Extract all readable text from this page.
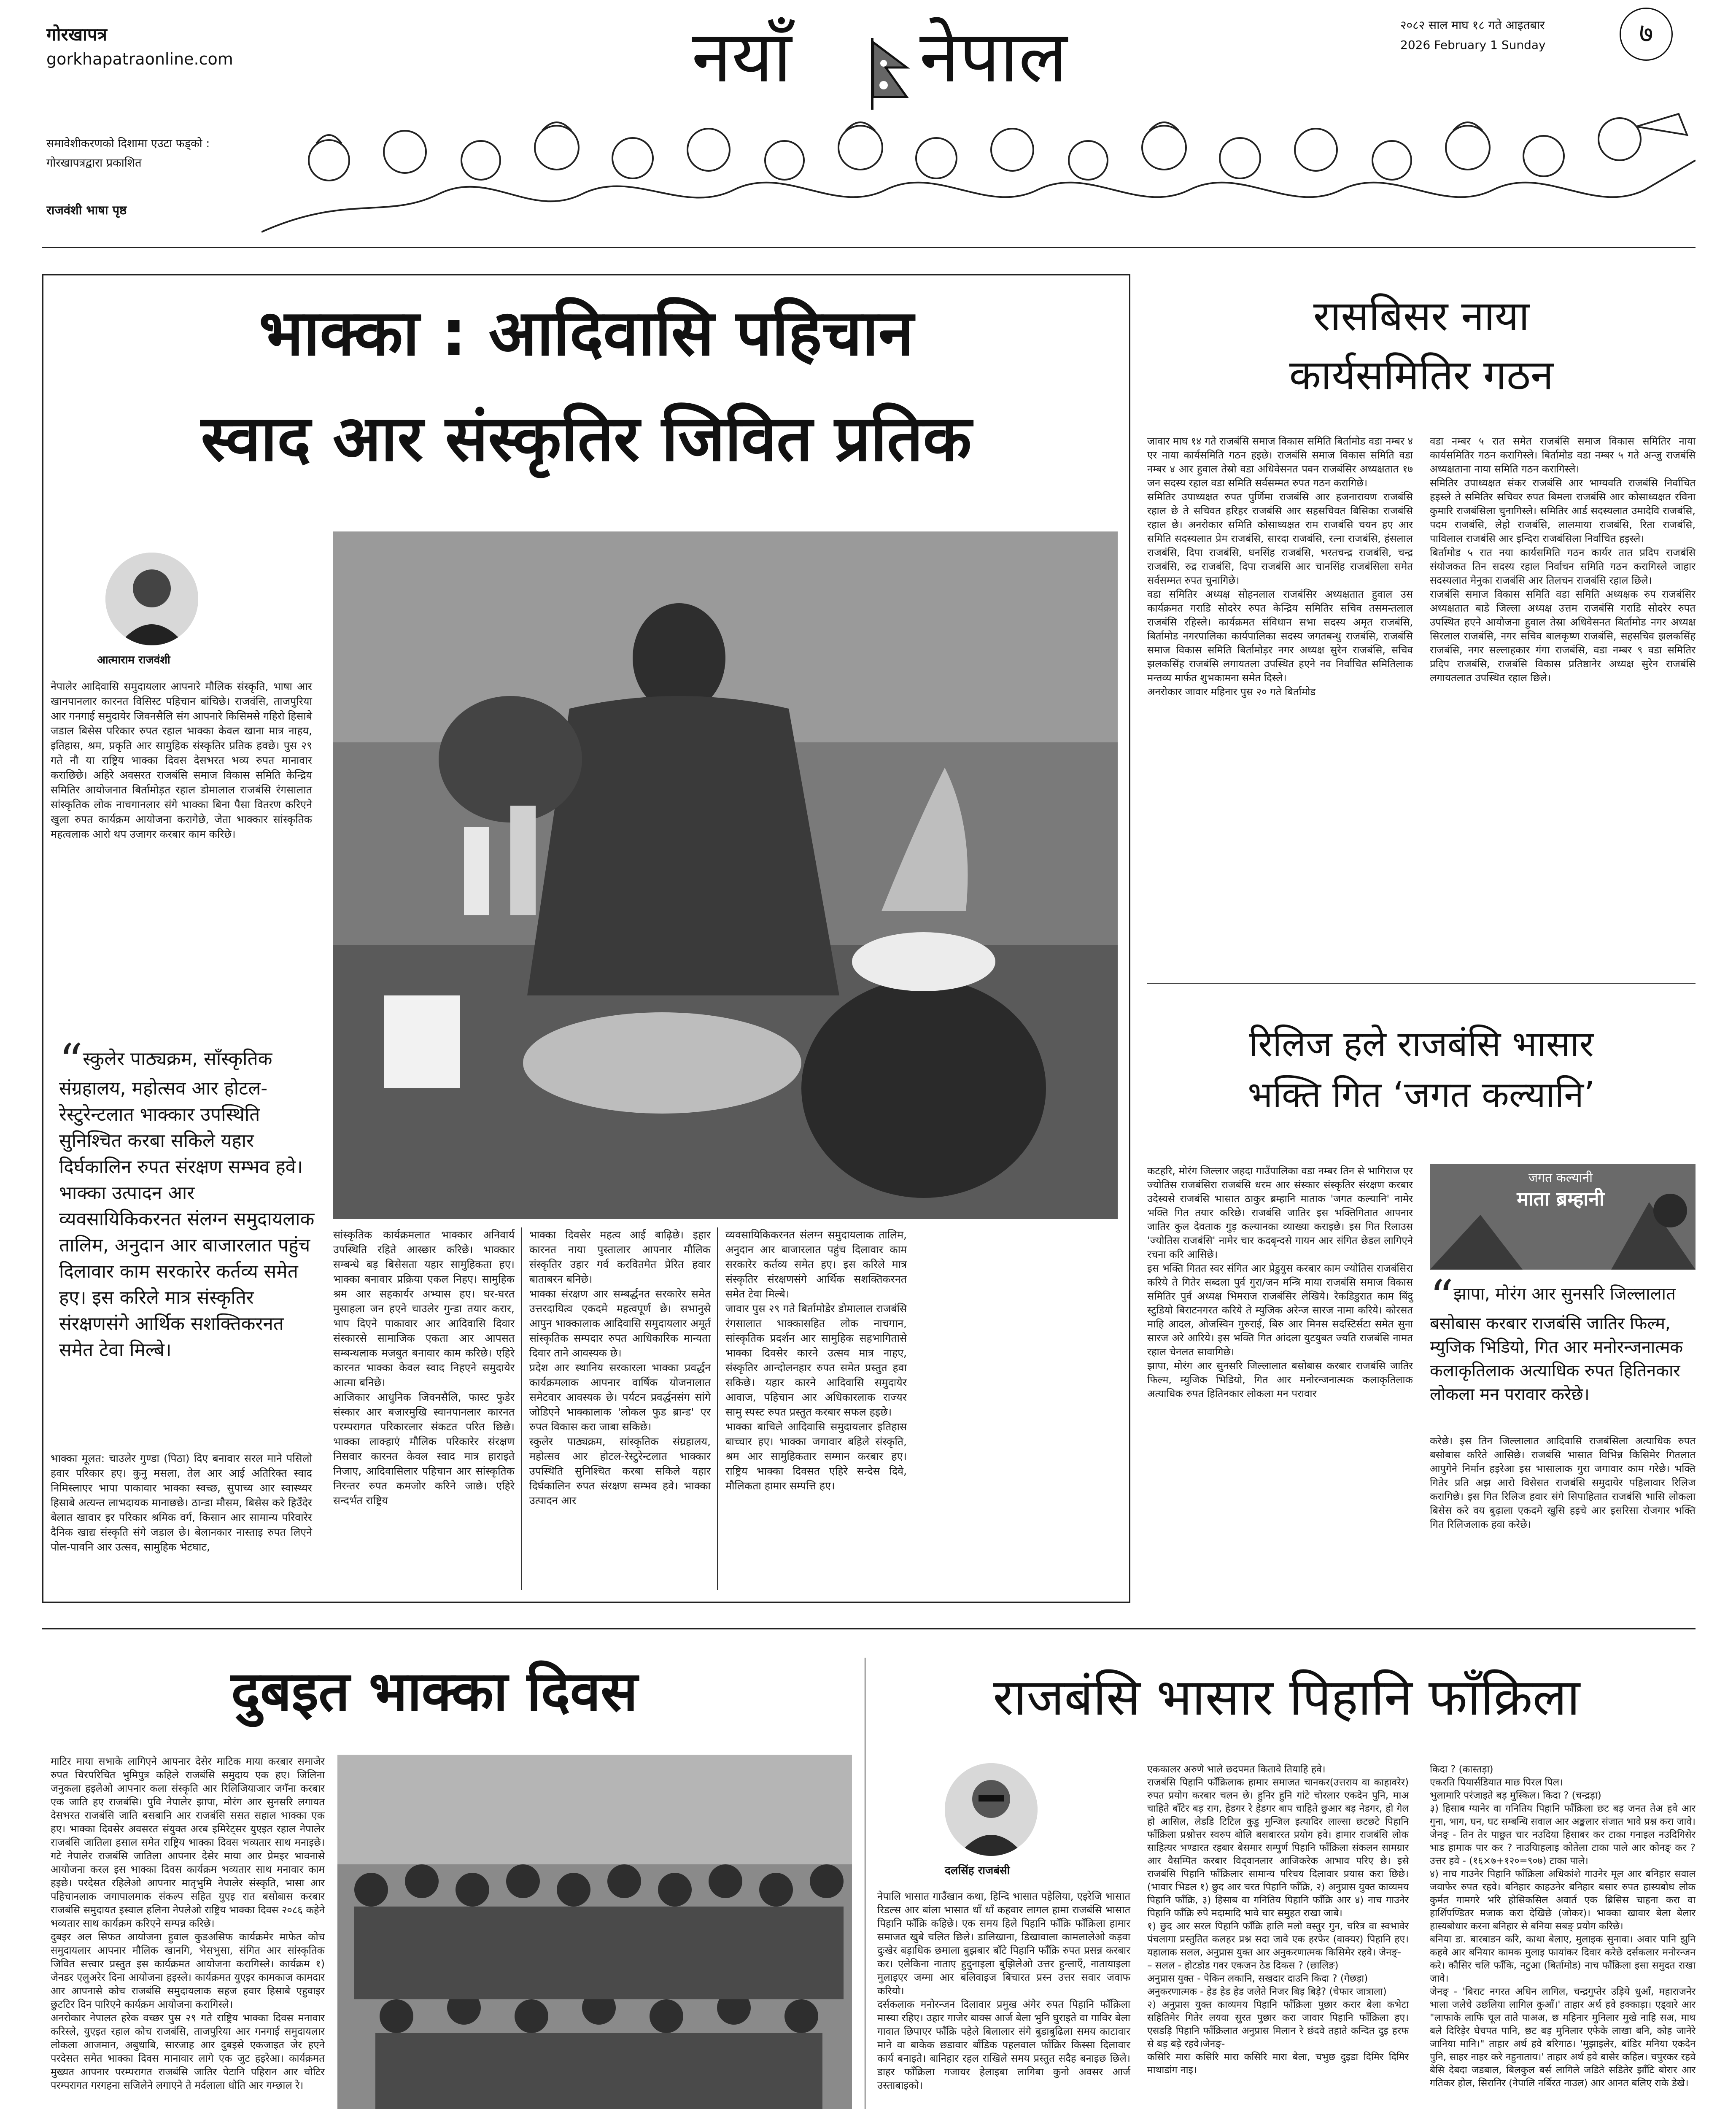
गोरखापत्र
gorkhapatraonline.com
समावेशीकरणको दिशामा एउटा फड्को : गोरखापत्रद्वारा प्रकाशित
राजवंशी भाषा पृष्ठ
नयाँ नेपाल	२०८२ साल माघ १८ गते आइतबार
2026 February 1 Sunday	७
भाक्का : आदिवासि पहिचान
स्वाद आर संस्कृतिर जिवित प्रतिक
आत्माराम राजवंशी
नेपालेर आदिवासि समुदायलार आपनारे मौलिक संस्कृति, भाषा आर खानपानलार कारनत विसिस्ट पहिचान बांचिछे। राजवंसि, ताजपुरिया आर गनगाई समुदायेर जिवनसैलि संग आपनारे किसिमसे गहिरो हिसाबे जडाल बिसेस परिकार रुपत रहाल भाक्का केवल खाना मात्र नाहय, इतिहास, श्रम, प्रकृति आर सामुहिक संस्कृतिर प्रतिक हवछे। पुस २९ गते नौ या राष्ट्रिय भाक्का दिवस देसभरत भव्य रुपत मानावार कराछिछे। अहिरे अवसरत राजबंसि समाज विकास समिति केन्द्रिय समितिर आयोजनात बिर्तामोड़त रहाल डोमालाल राजबंसि रंगसालात सांस्कृतिक लोक नाचगानलार संगे भाक्का बिना पैसा वितरण करिएने खुला रुपत कार्यक्रम आयोजना करागेछे, जेता भाक्कार सांस्कृतिक महत्वलाक आरो थप उजागर करबार काम करिछे।
“स्कुलेर पाठ्यक्रम, साँस्कृतिक संग्रहालय, महोत्सव आर होटल-रेस्टुरेन्टलात भाक्कार उपस्थिति सुनिश्चित करबा सकिले यहार दिर्घकालिन रुपत संरक्षण सम्भव हवे। भाक्का उत्पादन आर व्यवसायिकिकरनत संलग्न समुदायलाक तालिम, अनुदान आर बाजारलात पहुंच दिलावार काम सरकारेर कर्तव्य समेत हए। इस करिले मात्र संस्कृतिर संरक्षणसंगे आर्थिक सशक्तिकरनत समेत टेवा मिल्बे।
भाक्का मूलत: चाउलेर गुण्डा (पिठा) दिए बनावार सरल माने पसिलो हवार परिकार हए। कुनु मसला, तेल आर आर्ई अतिरिक्त स्वाद निमिस्लाएर भापा पाकावार भाक्का स्वच्छ, सुपाच्य आर स्वास्थ्यर हिसाबे अत्यन्त लाभदायक मानाछछे। ठान्डा मौसम, बिसेस करे हिउँदेर बेलात खावार इर परिकार श्रमिक वर्ग, किसान आर सामान्य परिवारेर दैनिक खाद्य संस्कृति संगे जडाल छे। बेलानकार नास्ताइ रुपत लिएने पोल-पावनि आर उत्सव, सामुहिक भेटघाट,
सांस्कृतिक कार्यक्रमलात भाक्कार अनिवार्य उपस्थिति रहिते आस्छार करिछे। भाक्कार सम्बन्धे बड़ बिसेसता यहार सामुहिकता हए। भाक्का बनावार प्रक्रिया एकल निहए। सामुहिक श्रम आर सहकार्यर अभ्यास हए। घर-घरत मुसाहला जन हएने चाउलेर गुन्डा तयार करार, भाप दिएने पाकावार आर आदिवासि दिवार संस्कारसे सामाजिक एकता आर आपसत सम्बन्धलाक मजबुत बनावार काम करिछे। एहिरे कारनत भाक्का केवल स्वाद निहएने समुदायेर आत्मा बनिछे।
आजिकार आधुनिक जिवनसैलि, फास्ट फुडेर संस्कार आर बजारमुखि स्वानपानलार कारनत परम्परागत परिकारलार संकटत परित छिछे। भाक्का लाक्हाएं मौलिक परिकारेर संरक्षण निसवार कारनत केवल स्वाद मात्र हाराइते निजाए, आदिवासिलार पहिचान आर सांस्कृतिक निरन्तर रुपत कमजोर करिने जाछे। एहिरे सन्दर्भत राष्ट्रिय
भाक्का दिवसेर महत्व आर्ई बाढ़िछे। इहार कारनत नाया पुस्तालार आपनार मौलिक संस्कृतिर उहार गर्व करवितमेत प्रेरित हवार बाताबरन बनिछे।
भाक्का संरक्षण आर सम्बर्द्धनत सरकारेर समेत उत्तरदायित्व एकदमे महत्वपूर्ण छे। सभानुसे आपुन भाक्कालाक आदिवासि समुदायलार अमूर्त सांस्कृतिक सम्पदार रुपत आधिकारिक मान्यता दिवार ताने आवस्यक छे।
प्रदेश आर स्थानिय सरकारला भाक्का प्रवर्द्धन कार्यक्रमलाक आपनार वार्षिक योजनालात समेटवार आवस्यक छे। पर्यटन प्रवर्द्धनसंग सांगे जोडिएने भाक्कालाक 'लोकल फुड ब्रान्ड' एर रुपत विकास करा जाबा सकिछे।
स्कुलेर पाठ्यक्रम, सांस्कृतिक संग्रहालय, महोत्सव आर होटल-रेस्टुरेन्टलात भाक्कार उपस्थिति सुनिश्चित करबा सकिले यहार दिर्घकालिन रुपत संरक्षण सम्भव हवे। भाक्का उत्पादन आर
व्यवसायिकिकरनत संलग्न समुदायलाक तालिम, अनुदान आर बाजारलात पहुंच दिलावार काम सरकारेर कर्तव्य समेत हए। इस करिले मात्र संस्कृतिर संरक्षणसंगे आर्थिक सशक्तिकरनत समेत टेवा मिल्बे।
जावार पुस २९ गते बिर्तामोडेर डोमालाल राजबंसि रंगसालात भाक्कासहित लोक नाचगान, सांस्कृतिक प्रदर्शन आर सामुहिक सहभागितासे भाक्का दिवसेर कारने उत्सव मात्र नाहए, संस्कृतिर आन्दोलनहार रुपत समेत प्रस्तुत हवा सकिछे। यहार कारने आदिवासि समुदायेर आवाज, पहिचान आर अधिकारलाक राज्यर सामु स्पस्ट रुपत प्रस्तुत करबार सफल हइछे।
भाक्का बाचिले आदिवासि समुदायलार इतिहास बाच्चार हए। भाक्का जगावार बहिले संस्कृति, श्रम आर सामुहिकतार सम्मान करबार हए। राष्ट्रिय भाक्का दिवसत एहिरे सन्देस दिवे, मौलिकता हामार सम्पत्ति हए।
रासबिसर नाया
कार्यसमितिर गठन
जावार माघ १४ गते राजबंसि समाज विकास समिति बिर्तामोड वडा नम्बर ४ एर नाया कार्यसमिति गठन हइछे। राजबंसि समाज विकास समिति वडा नम्बर ४ आर हुवाल तेस्रो वडा अधिवेसनत पवन राजबंसिर अध्यक्षतात १७ जन सदस्य रहाल वडा समिति सर्वसम्मत रुपत गठन करागिछे।
समितिर उपाध्यक्षत रुपत पुर्णिमा राजबंसि आर हजनारायण राजबंसि रहाल छे ते सचिवत हरिहर राजबंसि आर सहसचिवत बिसिका राजबंसि रहाल छे। अनरोकार समिति कोसाध्यक्षत राम राजबंसि चयन हए आर समिति सदस्यलात प्रेम राजबंसि, सारदा राजबंसि, रत्ना राजबंसि, हंसलाल राजबंसि, दिपा राजबंसि, धनसिंह राजबंसि, भरतचन्द्र राजबंसि, चन्द्र राजबंसि, रुद्र राजबंसि, दिपा राजबंसि आर चानसिंह राजबंसिला समेत सर्वसम्मत रुपत चुनागिछे।
वडा समितिर अध्यक्ष सोहनलाल राजबंसिर अध्यक्षतात हुवाल उस कार्यक्रमत गराडि सोदरेर रुपत केन्द्रिय समितिर सचिव तसमन्तलाल राजबंसि रहिस्ले। कार्यक्रमत संविधान सभा सदस्य अमृत राजबंसि, बिर्तामोड नगरपालिका कार्यपालिका सदस्य जगतबन्धु राजबंसि, राजबंसि समाज विकास समिति बिर्तामोड़र नगर अध्यक्ष सुरेन राजबंसि, सचिव झलकसिंह राजबंसि लगायतला उपस्थित हएने नव निर्वाचित समितिलाक मन्तव्य मार्फत शुभकामना समेत दिस्ले।
अनरोकार जावार महिनार पुस २० गते बिर्तामोड
वडा नम्बर ५ रात समेत राजबंसि समाज विकास समितिर नाया कार्यसमितिर गठन करागिस्ले। बिर्तामोड वडा नम्बर ५ गते अन्जु राजबंसि अध्यक्षताना नाया समिति गठन करागिस्ले।
समितिर उपाध्यक्षत संकर राजबंसि आर भाग्यवति राजबंसि निर्वाचित हइस्ले ते समितिर सचिवर रुपत बिमला राजबंसि आर कोसाध्यक्षत रविना कुमारि राजबंसिला चुनागिस्ले। समितिर आर्ड सदस्यलात उमादेवि राजबंसि, पदम राजबंसि, लेहो राजबंसि, लालमाया राजबंसि, रिता राजबंसि, पाविलाल राजबंसि आर इन्दिरा राजबंसिला निर्वाचित हइस्ले।
बिर्तामोड ५ रात नया कार्यसमिति गठन कार्यर तात प्रदिप राजबंसि संयोजकत तिन सदस्य रहाल निर्वाचन समिति गठन करागिस्ले जाहार सदस्यलात मेनुका राजबंसि आर तिलचन राजबंसि रहाल छिले।
राजबंसि समाज विकास समिति वडा समिति अध्यक्षक रुप राजबंसिर अध्यक्षतात बाडे जिल्ला अध्यक्ष उत्तम राजबंसि गराडि सोदरेर रुपत उपस्थित हएने आयोजना हुवाल तेस्रा अधिवेसनत बिर्तामोड नगर अध्यक्ष सिरलाल राजबंसि, नगर सचिव बालकृष्ण राजबंसि, सहसचिव झलकसिंह राजबंसि, नगर सल्लाहकार गंगा राजबंसि, वडा नम्बर ९ वडा समितिर प्रदिप राजबंसि, राजबंसि विकास प्रतिष्ठानेर अध्यक्ष सुरेन राजबंसि लगायतलात उपस्थित रहाल छिले।
रिलिज हले राजबंसि भासार
भक्ति गित ‘जगत कल्यानि’
कटहरि, मोरंग जिल्लार जहदा गाउँपालिका वडा नम्बर तिन से भागिराज एर ज्योतिस राजबंसिरा राजबंसि धरम आर संस्कार संस्कृतिर संरक्षण करबार उदेस्यसे राजबंसि भासात ठाकुर ब्रम्हानि माताक 'जगत कल्यानि' नामेर भक्ति गित तयार करिछे। राजबंसि जातिर इस भक्तिगितात आपनार जातिर कुल देवताक गुड़ कल्यानका व्याख्या कराइछे। इस गित रिलाउस 'ज्योतिस राजबंसि' नामेर चार कदबृन्दसे गायन आर संगित छेडल लागिएने रचना करि आसिछे।
इस भक्ति गितत स्वर संगित आर प्रेडुयुस करबार काम ज्योतिस राजबंसिरा करिये ते गितेर सब्दला पुर्व गुरा/जन मन्त्रि माया राजबंसि समाज विकास समितिर पुर्व अध्यक्ष भिमराज राजबंसिर लेखिये। रेकडिडुरात काम बिंदु स्टुडियो बिराटनगरत करिये ते म्युजिक अरेन्ज सारज नामा करिये। कोरसत माहि आदल, ओजस्विन गुरुराई, बिरु आर मिनस सदस्टिर्सटा समेत सुना सारज अरे आरिये। इस भक्ति गित आंदला युटयुबत ज्यति राजबंसि नामत रहाल चेनलत सावागिछे।
झापा, मोरंग आर सुनसरि जिल्लालात बसोबास करबार राजबंसि जातिर फिल्म, म्युजिक भिडियो, गित आर मनोरन्जनात्मक कलाकृतिलाक अत्याधिक रुपत हितिनकार लोकला मन परावार
जगत कल्यानी
माता ब्रम्हानी
“झापा, मोरंग आर सुनसरि जिल्लालात बसोबास करबार राजबंसि जातिर फिल्म, म्युजिक भिडियो, गित आर मनोरन्जनात्मक कलाकृतिलाक अत्याधिक रुपत हितिनकार लोकला मन परावार करेछे।
करेछे। इस तिन जिल्लालात आदिवासि राजबंसिला अत्याधिक रुपत बसोबास करिते आसिछे। राजबंसि भासात विभिन्न किसिमेर गितलात आपुगेने निर्मान हइरेआ इस भासालाक गुरा जगावार काम गरेछे। भक्ति गितेर प्रति अझ आरो विसेसत राजबंसि समुदायेर पहिलावार रिलिज करागिछे। इस गित रिलिज हवार संगे सिपाहितात राजबंसि भासि लोकला बिसेस करे वय बुढ़ाला एकदमे खुसि हइचे आर इसरिसा रोजगार भक्ति गित रिलिजलाक हवा करेछे।
दुबइत भाक्का दिवस
माटिर माया सभाके लागिएने आपनार देसेर माटिक माया करबार समाजेर रुपत चिरपरिचित भुमिपुत्र कहिले राजबंसि समुदाय एक हए। जिलिना जनुकला हइलेओ आपनार कला संस्कृति आर रिलिजियाजार जगॅना करबार एक जाति हए राजबंसि। पुवि नेपालेर झापा, मोरंग आर सुनसरि लगायत देसभरत राजबंसि जाति बसबानि आर राजबंसि ससत सहाल भाक्का एक हए। भाक्का दिवसेर अवसरत संयुक्त अरब इमिरेट्सर युएइत रहाल नेपालेर राजबंसि जातिला हसाल समेत राष्ट्रिय भाक्का दिवस भव्यतार साथ मनाइछे। गटे नेपालेर राजबंसि जातिला आपनार देसेर माया आर प्रेमइर भावनासे आयोजना करल इस भाक्का दिवस कार्यक्रम भव्यतार साथ मनावार काम हइछे। परदेसत रहिलेओ आपनार मातृभुमि नेपालेर संस्कृति, भासा आर पहिचानलाक जगापालमाक संकल्प सहित युएइ रात बसोबास करबार राजबंसि समुदायत इस्वाल हलिना नेपलेओ राष्ट्रिय भाक्का दिवस २०८६ कहेने भव्यतार साथ कार्यक्रम करिएने सम्पन्न करिछे।
दुबइर अल सिफत आयोजना हुवाल कुडअसिफ कार्यक्रमेर माफेत कोच समुदायलार आपनार मौलिक खानगि, भेसभुसा, संगित आर सांस्कृतिक जिवित सत्त्वार प्रस्तुत इस कार्यक्रमत आयोजना करागिस्ले। कार्यक्रम १) जेनडर एलुअरेर दिना आयोजना हइस्ले। कार्यक्रमत युएइर कामकाज कामदार आर आपनासे कोच राजबंसि समुदायलाक सहज हवार हिसाबे एहुवाइर छुटटिर दिन पारिएने कार्यक्रम आयोजना करागिस्ले।
अनरोकार नेपालत हरेक वच्छर पुस २९ गते राष्ट्रिय भाक्का दिवस मनावार करिस्ले, युएइत रहाल कोच राजबंसि, ताजपुरिया आर गनगाई समुदायलार लोकला आजमान, अबुधाबि, सारजाह आर दुबइसे एकजाइत जेर हएने परदेसत समेत भाक्का दिवस मानावार लागे एक जुट हइरेआ। कार्यक्रमत मुख्यत आपनार परम्परागत राजबंसि जातिर पेटानि पहिरान आर चोटिर परम्परागत गरगहना सजिलेने लगाएने ते मर्दलाला धोति आर गम्छाल रे।
राजबंसि भासार पिहानि फाँक्रिला
दलसिंह राजबंसी
नेपालि भासात गाउँखान कथा, हिन्दि भासात पहेलिया, एइरेजि भासात रिडल्स आर बांला भासात धाँ धाँ कहवार लागल हामा राजबंसि भासात पिहानि फाँक्रि कहिछे। एक समय हिले पिहानि फाँक्रि फाँक्रिला हामार समाजत खुबे चलित छिले। डालिखाना, डिखावाला कामलालेओ कड़वा दुःखेर बड़ाधिक छमाला बुझबार बाँटे पिहानि फाँक्रि रुपत प्रसन्न करबार कर। एलेकिना नाताए हुदुनाइला बुझिलेओ उत्तर हुन्लाएँ, नातायाइला मुलाइएर जम्मा आर बलिवाइज बिचारत प्रस्न उत्तर सवार जवाफ करियो।
दर्सकलाक मनोरन्जन दिलावार प्रमुख अंगेर रुपत पिहानि फाँक्रिला मास्या रहिए। उहार गाजेर बाक्स आर्ज बेला भुनि घुराइते वा गाविर बेला गावात छिपाएर फाँक्रि पहेले बिलालार संगे बुडाबुढिला समय काटावार माने वा बाकेक छडावार बाँडिक पहलवाल फाँक्रिर किस्सा दिलावार कार्य बनाइते। बानिहार रहल राखिले समय प्रस्तुत सदैह बनाइछ छिले। डाहर फाँक्रिला गजायर हेलाइबा लागिबा कुनो अवसर आर्ज उस्ताबाइको।
एककालर अरुणे भाले छदपमत कितावे तियाहि हवे।
राजबंसि पिहानि फाँक्रिलाक हामार समाजत चानकर(उत्तराय वा काहावरेर) रुपत प्रयोग करबार चलन छे। हुनिर हुनि गांटे चोरलार एकदेन पुनि, माअ चाहिते बाँटेर बड़ राग, हेडगर रे हेडगर बाप चाहिते छुआर बड़ नेडगर, हो गेल हो आसिल, लेडडि टिटिल कुडु मुन्जिल इत्यादिर लाल्सा छटछटे पिहानि फाँक्रिला प्रश्नोत्तर स्वरुप बोलि बसबाररत प्रयोग हवे। हामार राजबंसि लोक साहित्यर भण्डारत रहबार बेसमार सम्पुर्ण पिहानि फाँक्रिला संकलन सामग्रार आर वैसम्पित करबार विद्‌वानलार आजिकरेक आभाव परिए छे। इसे राजबंसि पिहानि फाँक्रिलार सामान्य परिचय दिलावार प्रयास करा छिछे। (भावार भिडल १) छुद आर चरत पिहानि फाँक्रि, २) अनुप्रास युक्त काव्यमय पिहानि फाँक्रि, ३) हिसाब वा गनितिय पिहानि फाँक्रि आर ४) नाच गाउनेर पिहानि फाँक्रि रुपे मदामादि भावे चार समुहत राखा जाबे।
१) छुद आर सरल पिहानि फाँक्रि हालि मलो वस्तुर गुन, चरित्र वा स्वभावेर पंचलागा प्रस्तुतित कलहर प्रश्न सदा जावे एक हरफेर (वाक्यर) पिहानि हए। यहालाक सलल, अनुप्रास युक्त आर अनुकरणात्मक किसिमेर रहवे। जेनङ्‌-
– सलल - होटडोड गवर एकजन ठेड दिकस ? (छालिङ)
अनुप्रास युक्त - पेकिन लकानि, सखदार दाउनि किदा ? (गेछड़ा)
अनुकरणात्मक - हेड हेड हेड जलेते निजर बिड़ बिड़े? (चेफार जात्राला)
२) अनुप्रास युक्त काव्यमय पिहानि फाँक्रिला पुछार करार बेला कभेटा सहितिमेर गितेर लयवा सुरत पुछार करा जावार पिहानि फाँक्रिला हए। एसडड़ि पिहानि फाँक्रिलात अनुप्रास मिलान रे छंदवे तहाते कन्दित दुइ हरफ से बड़ बड़े रहवे।जेनङ्‌-
कसिरि मारा कसिरि मारा कसिरि मारा बेला, चभुछ दुइडा दिमिर दिमिर माथाडांग नाइ।
किदा ? (कास्तड़ा)
एकरति पियार्सडियात माछ पिरल पिल।
भुलामारि परंजाइते बड़ मुस्किल। किदा ? (चन्द्रड़ा)
३) हिसाब ग्यानेर वा गनितिय पिहानि फाँक्रिला छट बड़ जनत तेअ हवे आर गुना, भाग, घन, घट सम्बन्धि सवाल आर अङ्कलार संजात भावे प्रश्न करा जावे। जेनङ्‌ - तिन तेर पाछुत चार नउदिया हिसाबर कर टाका गनाइल नउदिगिसेर भाड हामाक पार कर ? नाउयिाहलाइ कोतेला टाका पाले आर कोनङ्‌ कर ? उत्तर हवे - (१६×७+१२०=९०७) टाका पाले।
४) नाच गाउनेर पिहानि फाँक्रिला अधिकांशे गाउनेर मूल आर बनिहार सवाल जवाफेर रुपत रहवे। बनिहार काहउनेर बनिहार बसार रुपत हास्यबोध लोक कुर्मत गामगरे भरि होसिकसिल अवार्त एक ब्रिसिस चाहना करा वा हार्शिपण्डितर मजाक करा देखिछे (जोकर)। भाक्का खावार बेला बेलार हास्यबोधार करना बनिहार से बनिया सबङ्‌ प्रयोग करिछे।
बनिया डा. बारबाडन करि, काथा बेलाए, मुलाइक सुनावा। अवार पानि झुनि कहवे आर बनियार कामक मुलाइ फायांकर दिवार करेछे दर्सकलार मनोरन्जन करे। कौसिर चलि फाँकि, नटुआ (बिर्तामोड) नाच फाँक्रिला इसा समुदत राखा जावे।
जेनङ्‌ - 'बिराट नगरत अधिन लागिल, चन्द्रगुप्तेर उड़िये धुआँ, महाराजनेर भाला जलेचे उछलिया लागिल कुआँ।' ताहार अर्थ हवे हक्काड़ा। एड्वारे आर "लाफाके लाफि चूल ताते पाअअ, छ महिनार मुनिलार मुखे नाहि सअ, माथ बले दिरिड़ेर घेचपत पानि, छट बड़ मुनिलार एफेके लाखा बनि, कोह जानेरे जानिया मानि।" ताहार अर्थ हवे बरिगाठ। 'मुझाइलेर, बांडिर मनिया एकदेन पुनि, साहर नाहर करे नहुनाताय।' ताहार अर्थ हवे बासेर कहिल। चपुरकर रहवे बेसि देबदा जडबाल, बिलकुल बर्स लागिले जडिते सडितेर झाँटि बोरार आर गतिकर होल, सिरानिर (नेपालि नर्बिरत नाउल) आर आनत बलिए राके डेखे।
